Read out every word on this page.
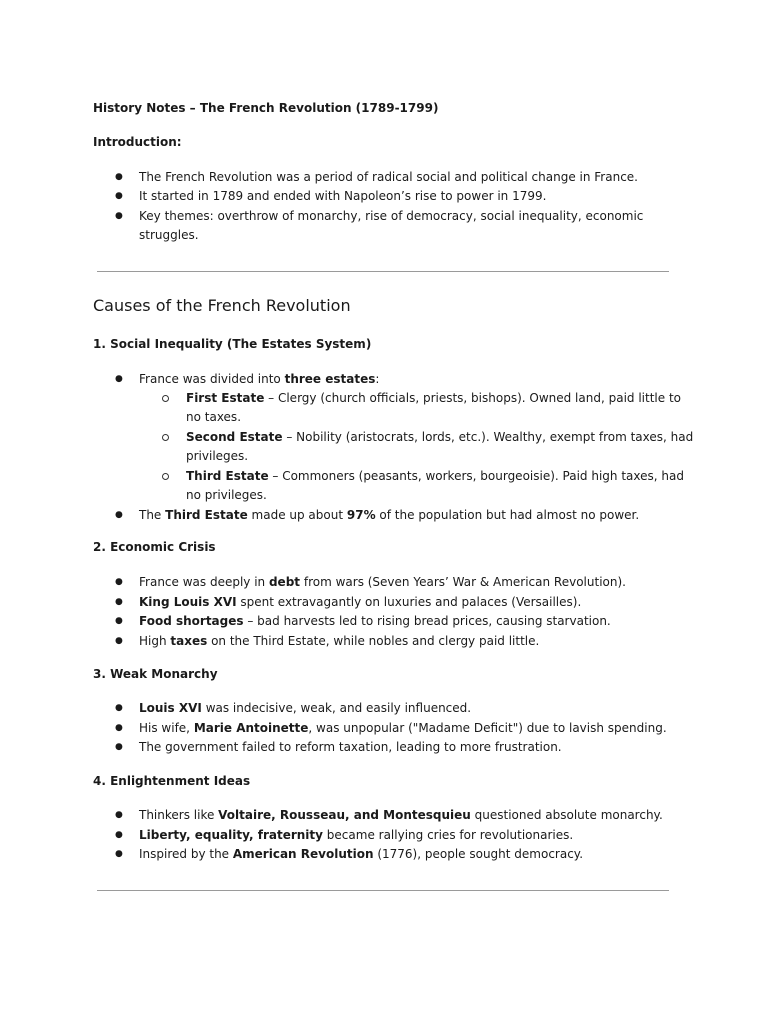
History Notes – The French Revolution (1789-1799)
Introduction:
● The French Revolution was a period of radical social and political change in France.
● It started in 1789 and ended with Napoleon’s rise to power in 1799.
● Key themes: overthrow of monarchy, rise of democracy, social inequality, economic
struggles.
Causes of the French Revolution
1. Social Inequality (The Estates System)
● France was divided into three estates:
First Estate – Clergy (church officials, priests, bishops). Owned land, paid little to
no taxes.
Second Estate – Nobility (aristocrats, lords, etc.). Wealthy, exempt from taxes, had
privileges.
Third Estate – Commoners (peasants, workers, bourgeoisie). Paid high taxes, had
no privileges.
● The Third Estate made up about 97% of the population but had almost no power.
2. Economic Crisis
● France was deeply in debt from wars (Seven Years’ War & American Revolution).
● King Louis XVI spent extravagantly on luxuries and palaces (Versailles).
● Food shortages – bad harvests led to rising bread prices, causing starvation.
● High taxes on the Third Estate, while nobles and clergy paid little.
3. Weak Monarchy
● Louis XVI was indecisive, weak, and easily influenced.
● His wife, Marie Antoinette, was unpopular ("Madame Deficit") due to lavish spending.
● The government failed to reform taxation, leading to more frustration.
4. Enlightenment Ideas
● Thinkers like Voltaire, Rousseau, and Montesquieu questioned absolute monarchy.
● Liberty, equality, fraternity became rallying cries for revolutionaries.
● Inspired by the American Revolution (1776), people sought democracy.
